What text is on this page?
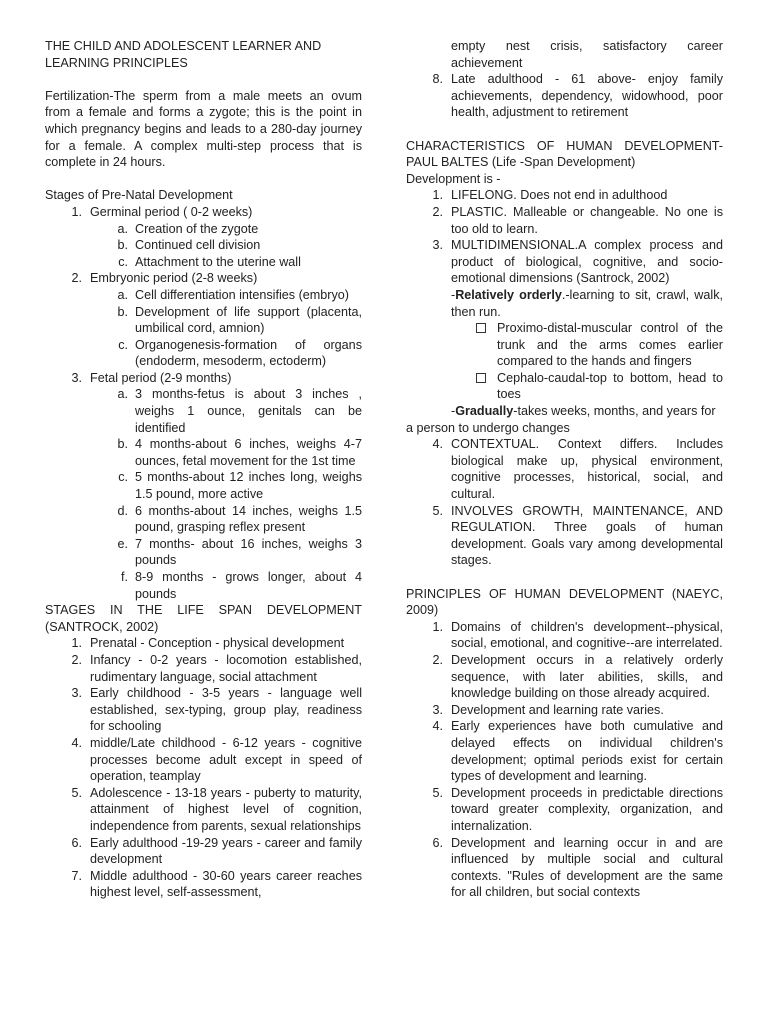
THE CHILD AND ADOLESCENT LEARNER AND LEARNING PRINCIPLES

Fertilization-The sperm from a male meets an ovum from a female and forms a zygote; this is the point in which pregnancy begins and leads to a 280-day journey for a female. A complex multi-step process that is complete in 24 hours.

Stages of Pre-Natal Development

1. Germinal period ( 0-2 weeks)
a. Creation of the zygote
b. Continued cell division
c. Attachment to the uterine wall
2. Embryonic period (2-8 weeks)
a. Cell differentiation intensifies (embryo)
b. Development of life support (placenta, umbilical cord, amnion)
c. Organogenesis-formation of organs (endoderm, mesoderm, ectoderm)
3. Fetal period (2-9 months)
a. 3 months-fetus is about 3 inches , weighs 1 ounce, genitals can be identified
b. 4 months-about 6 inches, weighs 4-7 ounces, fetal movement for the 1st time
c. 5 months-about 12 inches long, weighs 1.5 pound, more active
d. 6 months-about 14 inches, weighs 1.5 pound, grasping reflex present
e. 7 months- about 16 inches, weighs 3 pounds
f. 8-9 months - grows longer, about 4 pounds

STAGES IN THE LIFE SPAN DEVELOPMENT (SANTROCK, 2002)

1. Prenatal - Conception - physical development
2. Infancy - 0-2 years - locomotion established, rudimentary language, social attachment
3. Early childhood - 3-5 years - language well established, sex-typing, group play, readiness for schooling
4. middle/Late childhood - 6-12 years - cognitive processes become adult except in speed of operation, teamplay
5. Adolescence - 13-18 years - puberty to maturity, attainment of highest level of cognition, independence from parents, sexual relationships
6. Early adulthood -19-29 years - career and family development
7. Middle adulthood - 30-60 years career reaches highest level, self-assessment,

empty nest crisis, satisfactory career achievement

8. Late adulthood - 61 above- enjoy family achievements, dependency, widowhood, poor health, adjustment to retirement

CHARACTERISTICS OF HUMAN DEVELOPMENT-PAUL BALTES (Life -Span Development)

Development is -

1. LIFELONG. Does not end in adulthood
2. PLASTIC. Malleable or changeable. No one is too old to learn.
3. MULTIDIMENSIONAL.A complex process and product of biological, cognitive, and socio-emotional dimensions (Santrock, 2002)

-Relatively orderly.-learning to sit, crawl, walk, then run.

Proximo-distal-muscular control of the trunk and the arms comes earlier compared to the hands and fingers
Cephalo-caudal-top to bottom, head to toes

-Gradually-takes weeks, months, and years for a person to undergo changes

4. CONTEXTUAL. Context differs. Includes biological make up, physical environment, cognitive processes, historical, social, and cultural.
5. INVOLVES GROWTH, MAINTENANCE, AND REGULATION. Three goals of human development. Goals vary among developmental stages.

PRINCIPLES OF HUMAN DEVELOPMENT (NAEYC, 2009)

1. Domains of children's development--physical, social, emotional, and cognitive--are interrelated.
2. Development occurs in a relatively orderly sequence, with later abilities, skills, and knowledge building on those already acquired.
3. Development and learning rate varies.
4. Early experiences have both cumulative and delayed effects on individual children's development; optimal periods exist for certain types of development and learning.
5. Development proceeds in predictable directions toward greater complexity, organization, and internalization.
6. Development and learning occur in and are influenced by multiple social and cultural contexts. "Rules of development are the same for all children, but social contexts
